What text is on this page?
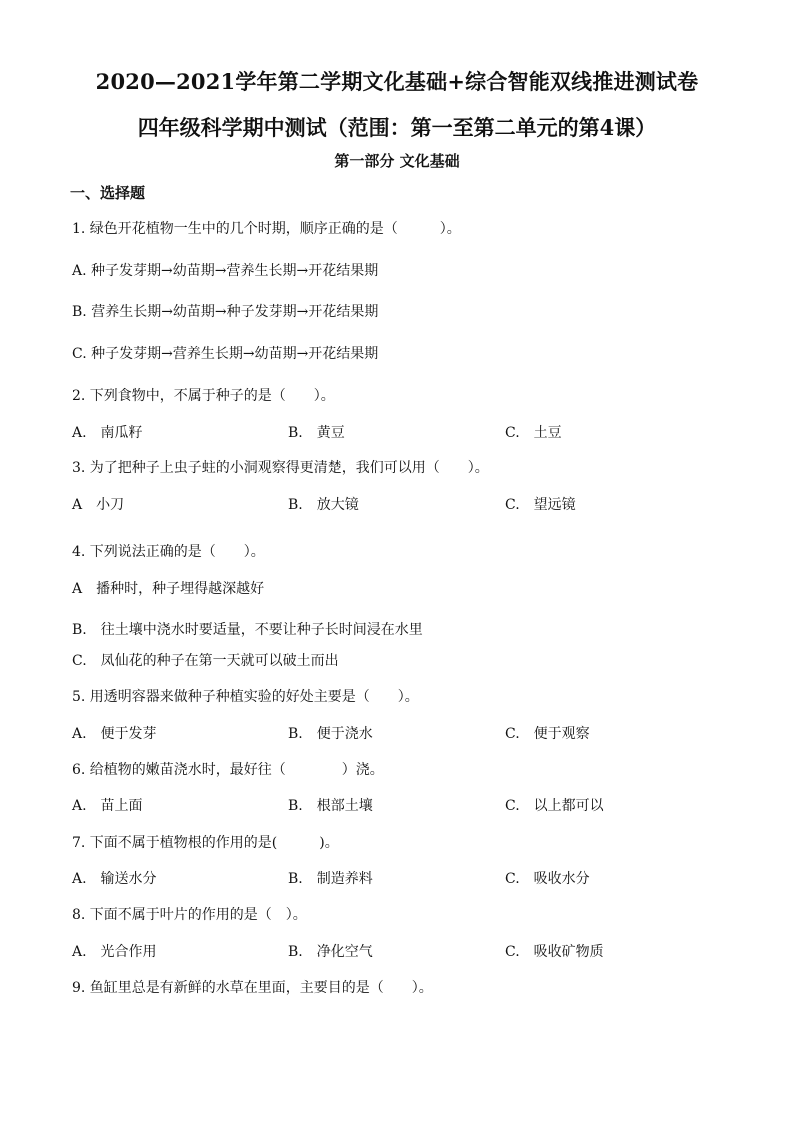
2020—2021学年第二学期文化基础+综合智能双线推进测试卷
四年级科学期中测试（范围：第一至第二单元的第4课）
第一部分 文化基础
一、选择题
1. 绿色开花植物一生中的几个时期，顺序正确的是（　　　）。
A. 种子发芽期→幼苗期→营养生长期→开花结果期
B. 营养生长期→幼苗期→种子发芽期→开花结果期
C. 种子发芽期→营养生长期→幼苗期→开花结果期
2. 下列食物中，不属于种子的是（　　）。
A.　南瓜籽	B.　黄豆	C.　土豆
3. 为了把种子上虫子蛀的小洞观察得更清楚，我们可以用（　　）。
A　小刀	B.　放大镜	C.　望远镜
4. 下列说法正确的是（　　）。
A　播种时，种子埋得越深越好
B.　往土壤中浇水时要适量，不要让种子长时间浸在水里
C.　凤仙花的种子在第一天就可以破土而出
5. 用透明容器来做种子种植实验的好处主要是（　　）。
A.　便于发芽	B.　便于浇水	C.　便于观察
6. 给植物的嫩苗浇水时，最好往（　　　　）浇。
A.　苗上面	B.　根部土壤	C.　以上都可以
7. 下面不属于植物根的作用的是(　　　)。
A.　输送水分	B.　制造养料	C.　吸收水分
8. 下面不属于叶片的作用的是（　）。
A.　光合作用	B.　净化空气	C.　吸收矿物质
9. 鱼缸里总是有新鲜的水草在里面，主要目的是（　　）。
